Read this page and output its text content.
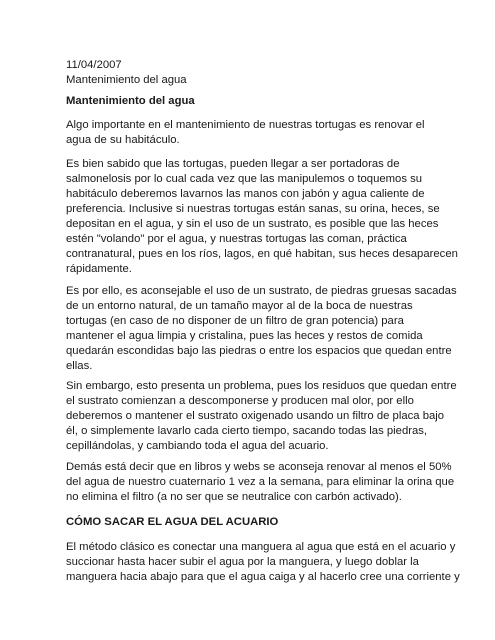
11/04/2007
Mantenimiento del agua
Mantenimiento del agua

Algo importante en el mantenimiento de nuestras tortugas es renovar el
agua de su habitáculo.

Es bien sabido que las tortugas, pueden llegar a ser portadoras de
salmonelosis por lo cual cada vez que las manipulemos o toquemos su
habitáculo deberemos lavarnos las manos con jabón y agua caliente de
preferencia. Inclusive si nuestras tortugas están sanas, su orina, heces, se
depositan en el agua, y sin el uso de un sustrato, es posible que las heces
estén "volando" por el agua, y nuestras tortugas las coman, práctica
contranatural, pues en los ríos, lagos, en qué habitan, sus heces desaparecen
rápidamente.

Es por ello, es aconsejable el uso de un sustrato, de piedras gruesas sacadas
de un entorno natural, de un tamaño mayor al de la boca de nuestras
tortugas (en caso de no disponer de un filtro de gran potencia) para
mantener el agua limpia y cristalina, pues las heces y restos de comida
quedarán escondidas bajo las piedras o entre los espacios que quedan entre
ellas.

Sin embargo, esto presenta un problema, pues los residuos que quedan entre
el sustrato comienzan a descomponerse y producen mal olor, por ello
deberemos o mantener el sustrato oxigenado usando un filtro de placa bajo
él, o simplemente lavarlo cada cierto tiempo, sacando todas las piedras,
cepillándolas, y cambiando toda el agua del acuario.

Demás está decir que en libros y webs se aconseja renovar al menos el 50%
del agua de nuestro cuaternario 1 vez a la semana, para eliminar la orina que
no elimina el filtro (a no ser que se neutralice con carbón activado).

CÓMO SACAR EL AGUA DEL ACUARIO

El método clásico es conectar una manguera al agua que está en el acuario y
succionar hasta hacer subir el agua por la manguera, y luego doblar la
manguera hacia abajo para que el agua caiga y al hacerlo cree una corriente y
